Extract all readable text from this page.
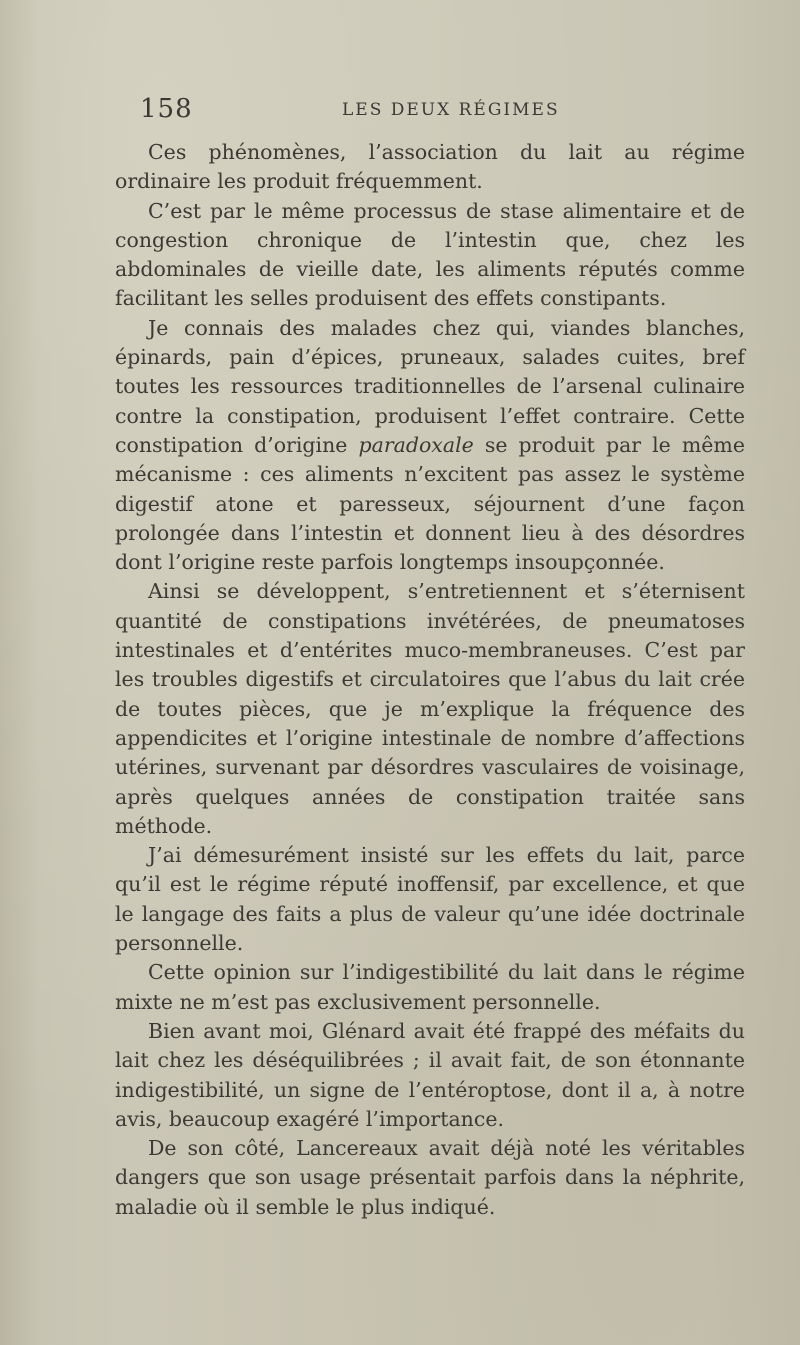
158	LES DEUX RÉGIMES

Ces phénomènes, l’association du lait au régime ordinaire les produit fréquemment.

C’est par le même processus de stase alimentaire et de congestion chronique de l’intestin que, chez les abdominales de vieille date, les aliments réputés comme facilitant les selles produisent des effets constipants.

Je connais des malades chez qui, viandes blanches, épinards, pain d’épices, pruneaux, salades cuites, bref toutes les ressources traditionnelles de l’arsenal culinaire contre la constipation, produisent l’effet contraire. Cette constipation d’origine paradoxale se produit par le même mécanisme : ces aliments n’excitent pas assez le système digestif atone et paresseux, séjournent d’une façon prolongée dans l’intestin et donnent lieu à des désordres dont l’origine reste parfois longtemps insoupçonnée.

Ainsi se développent, s’entretiennent et s’éternisent quantité de constipations invétérées, de pneumatoses intestinales et d’entérites muco-membraneuses. C’est par les troubles digestifs et circulatoires que l’abus du lait crée de toutes pièces, que je m’explique la fréquence des appendicites et l’origine intestinale de nombre d’affections utérines, survenant par désordres vasculaires de voisinage, après quelques années de constipation traitée sans méthode.

J’ai démesurément insisté sur les effets du lait, parce qu’il est le régime réputé inoffensif, par excellence, et que le langage des faits a plus de valeur qu’une idée doctrinale personnelle.

Cette opinion sur l’indigestibilité du lait dans le régime mixte ne m’est pas exclusivement personnelle.

Bien avant moi, Glénard avait été frappé des méfaits du lait chez les déséquilibrées ; il avait fait, de son étonnante indigestibilité, un signe de l’entéroptose, dont il a, à notre avis, beaucoup exagéré l’importance.

De son côté, Lancereaux avait déjà noté les véritables dangers que son usage présentait parfois dans la néphrite, maladie où il semble le plus indiqué.
